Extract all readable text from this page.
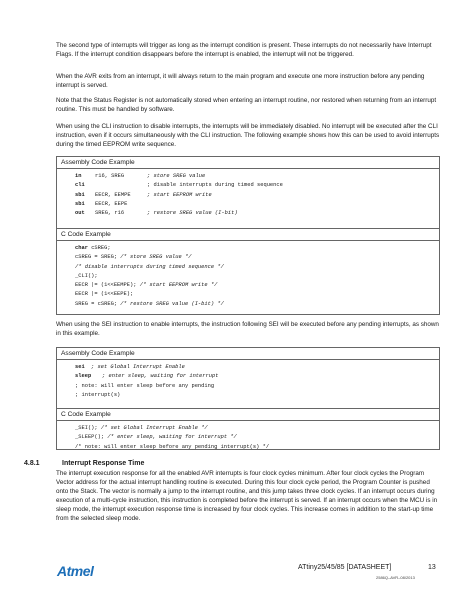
The second type of interrupts will trigger as long as the interrupt condition is present. These interrupts do not necessarily have Interrupt Flags. If the interrupt condition disappears before the interrupt is enabled, the interrupt will not be triggered.

When the AVR exits from an interrupt, it will always return to the main program and execute one more instruction before any pending interrupt is served.

Note that the Status Register is not automatically stored when entering an interrupt routine, nor restored when returning from an interrupt routine. This must be handled by software.

When using the CLI instruction to disable interrupts, the interrupts will be immediately disabled. No interrupt will be executed after the CLI instruction, even if it occurs simultaneously with the CLI instruction. The following example shows how this can be used to avoid interrupts during the timed EEPROM write sequence.

Assembly Code Example
in	r16, SREG	; store SREG value
cli	; disable interrupts during timed sequence
sbi EECR, EEMPE	; start EEPROM write
sbi EECR, EEPE
out SREG, r16	; restore SREG value (I-bit)
C Code Example
char cSREG;
cSREG = SREG; /* store SREG value */
/* disable interrupts during timed sequence */
_CLI();
EECR |= (1<<EEMPE); /* start EEPROM write */
EECR |= (1<<EEPE);
SREG = cSREG; /* restore SREG value (I-bit) */

When using the SEI instruction to enable interrupts, the instruction following SEI will be executed before any pending interrupts, as shown in this example.

Assembly Code Example
sei ; set Global Interrupt Enable
sleep ; enter sleep, waiting for interrupt
; note: will enter sleep before any pending
; interrupt(s)
C Code Example
_SEI(); /* set Global Interrupt Enable */
_SLEEP(); /* enter sleep, waiting for interrupt */
/* note: will enter sleep before any pending interrupt(s) */
4.8.1	Interrupt Response Time

The interrupt execution response for all the enabled AVR interrupts is four clock cycles minimum. After four clock cycles the Program Vector address for the actual interrupt handling routine is executed. During this four clock cycle period, the Program Counter is pushed onto the Stack. The vector is normally a jump to the interrupt routine, and this jump takes three clock cycles. If an interrupt occurs during execution of a multi-cycle instruction, this instruction is completed before the interrupt is served. If an interrupt occurs when the MCU is in sleep mode, the interrupt execution response time is increased by four clock cycles. This increase comes in addition to the start-up time from the selected sleep mode.

Atmel	ATtiny25/45/85 [DATASHEET]	13
2586Q–AVR–08/2013
